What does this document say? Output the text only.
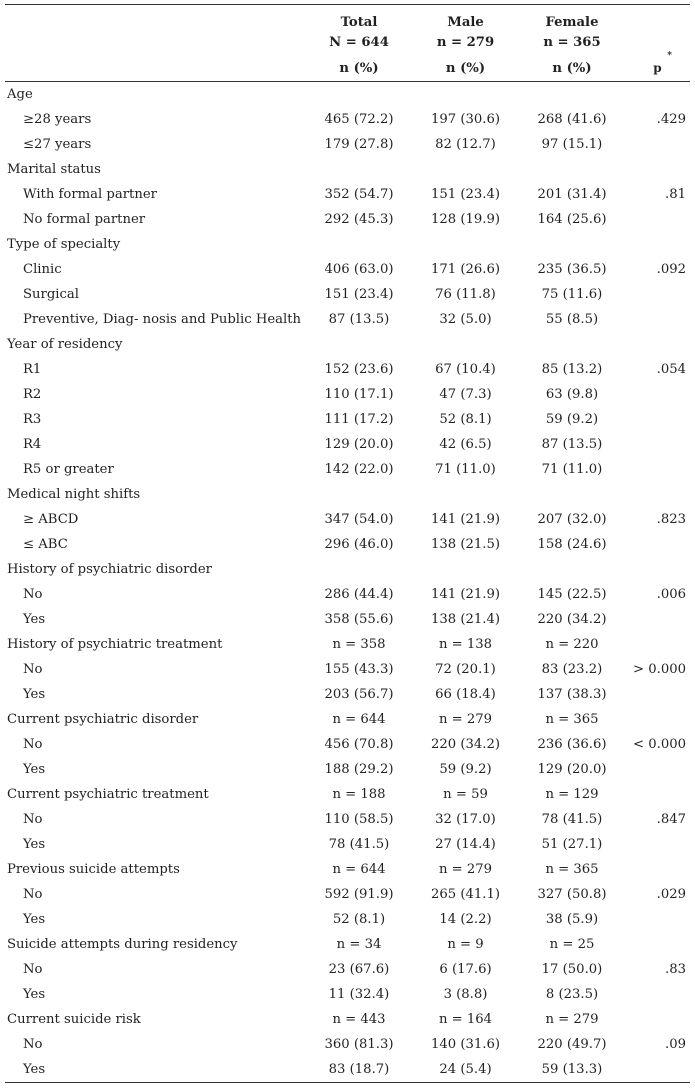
	Total	Male	Female	
	N = 644	n = 279	n = 365	
	n (%)	n (%)	n (%)	p
*

Age				
≥28 years	465 (72.2)	197 (30.6)	268 (41.6)	.429
≤27 years	179 (27.8)	82 (12.7)	97 (15.1)	
Marital status				
With formal partner	352 (54.7)	151 (23.4)	201 (31.4)	.81
No formal partner	292 (45.3)	128 (19.9)	164 (25.6)	
Type of specialty				
Clinic	406 (63.0)	171 (26.6)	235 (36.5)	.092
Surgical	151 (23.4)	76 (11.8)	75 (11.6)	
Preventive, Diag- nosis and Public Health	87 (13.5)	32 (5.0)	55 (8.5)	
Year of residency				
R1	152 (23.6)	67 (10.4)	85 (13.2)	.054
R2	110 (17.1)	47 (7.3)	63 (9.8)	
R3	111 (17.2)	52 (8.1)	59 (9.2)	
R4	129 (20.0)	42 (6.5)	87 (13.5)	
R5 or greater	142 (22.0)	71 (11.0)	71 (11.0)	
Medical night shifts				
≥ ABCD	347 (54.0)	141 (21.9)	207 (32.0)	.823
≤ ABC	296 (46.0)	138 (21.5)	158 (24.6)	
History of psychiatric disorder				
No	286 (44.4)	141 (21.9)	145 (22.5)	.006
Yes	358 (55.6)	138 (21.4)	220 (34.2)	
History of psychiatric treatment	n = 358	n = 138	n = 220	
No	155 (43.3)	72 (20.1)	83 (23.2)	> 0.000
Yes	203 (56.7)	66 (18.4)	137 (38.3)	
Current psychiatric disorder	n = 644	n = 279	n = 365	
No	456 (70.8)	220 (34.2)	236 (36.6)	< 0.000
Yes	188 (29.2)	59 (9.2)	129 (20.0)	
Current psychiatric treatment	n = 188	n = 59	n = 129	
No	110 (58.5)	32 (17.0)	78 (41.5)	.847
Yes	78 (41.5)	27 (14.4)	51 (27.1)	
Previous suicide attempts	n = 644	n = 279	n = 365	
No	592 (91.9)	265 (41.1)	327 (50.8)	.029
Yes	52 (8.1)	14 (2.2)	38 (5.9)	
Suicide attempts during residency	n = 34	n = 9	n = 25	
No	23 (67.6)	6 (17.6)	17 (50.0)	.83
Yes	11 (32.4)	3 (8.8)	8 (23.5)	
Current suicide risk	n = 443	n = 164	n = 279	
No	360 (81.3)	140 (31.6)	220 (49.7)	.09
Yes	83 (18.7)	24 (5.4)	59 (13.3)	
